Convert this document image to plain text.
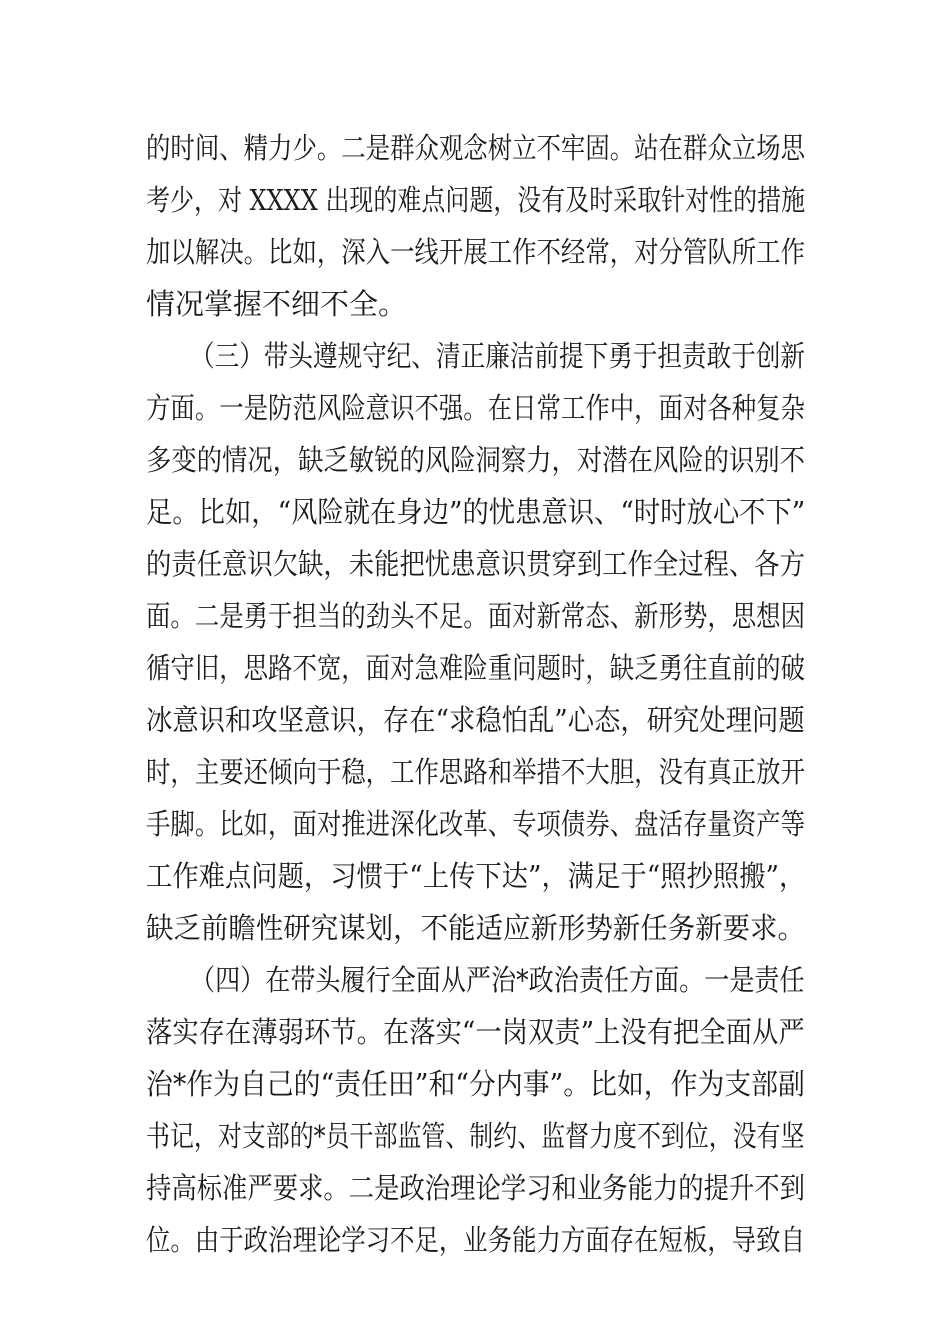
的时间、精力少。二是群众观念树立不牢固。站在群众立场思
考少，对 XXXX 出现的难点问题，没有及时采取针对性的措施
加以解决。比如，深入一线开展工作不经常，对分管队所工作
情况掌握不细不全。
（三）带头遵规守纪、清正廉洁前提下勇于担责敢于创新
方面。一是防范风险意识不强。在日常工作中，面对各种复杂
多变的情况，缺乏敏锐的风险洞察力，对潜在风险的识别不
足。比如，“风险就在身边”的忧患意识、“时时放心不下”
的责任意识欠缺，未能把忧患意识贯穿到工作全过程、各方
面。二是勇于担当的劲头不足。面对新常态、新形势，思想因
循守旧，思路不宽，面对急难险重问题时，缺乏勇往直前的破
冰意识和攻坚意识，存在“求稳怕乱”心态，研究处理问题
时，主要还倾向于稳，工作思路和举措不大胆，没有真正放开
手脚。比如，面对推进深化改革、专项债券、盘活存量资产等
工作难点问题，习惯于“上传下达”，满足于“照抄照搬”，
缺乏前瞻性研究谋划，不能适应新形势新任务新要求。
（四）在带头履行全面从严治*政治责任方面。一是责任
落实存在薄弱环节。在落实“一岗双责”上没有把全面从严
治*作为自己的“责任田”和“分内事”。比如，作为支部副
书记，对支部的*员干部监管、制约、监督力度不到位，没有坚
持高标准严要求。二是政治理论学习和业务能力的提升不到
位。由于政治理论学习不足，业务能力方面存在短板，导致自
